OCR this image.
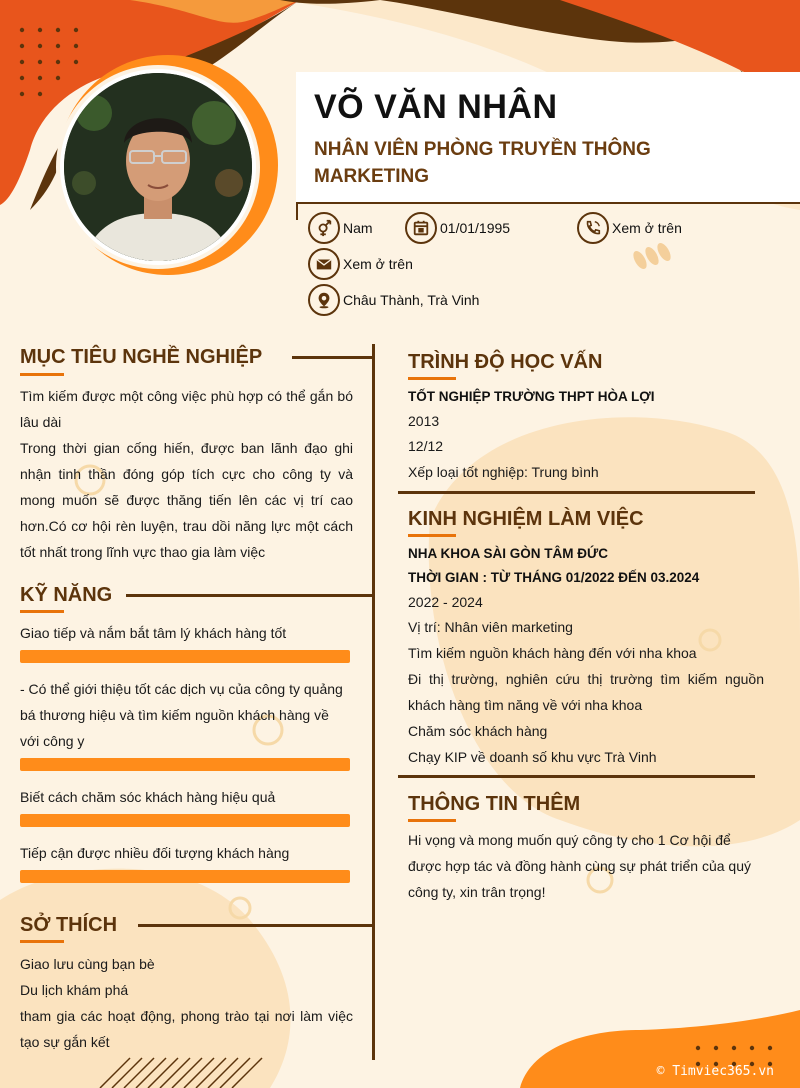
VÕ VĂN NHÂN
NHÂN VIÊN PHÒNG TRUYỀN THÔNG MARKETING
Nam	01/01/1995	Xem ở trên
Xem ở trên
Châu Thành, Trà Vinh
MỤC TIÊU NGHỀ NGHIỆP

Tìm kiếm được một công việc phù hợp có thể gắn bó lâu dài

Trong thời gian cống hiến, được ban lãnh đạo ghi nhận tinh thần đóng góp tích cực cho công ty và mong muốn sẽ được thăng tiến lên các vị trí cao hơn.Có cơ hội rèn luyện, trau dồi năng lực một cách tốt nhất trong lĩnh vực thao gia làm việc

KỸ NĂNG
Giao tiếp và nắm bắt tâm lý khách hàng tốt
- Có thể giới thiệu tốt các dịch vụ của công ty quảng bá thương hiệu và tìm kiếm nguồn khách hàng về với công y
Biết cách chăm sóc khách hàng hiệu quả
Tiếp cận được nhiều đối tượng khách hàng
SỞ THÍCH

Giao lưu cùng bạn bè

Du lịch khám phá

tham gia các hoạt động, phong trào tại nơi làm việc tạo sự gắn kết

TRÌNH ĐỘ HỌC VẤN
TỐT NGHIỆP TRƯỜNG THPT HÒA LỢI
2013
12/12
Xếp loại tốt nghiệp: Trung bình
KINH NGHIỆM LÀM VIỆC
NHA KHOA SÀI GÒN TÂM ĐỨC
THỜI GIAN : TỪ THÁNG 01/2022 ĐẾN 03.2024
2022 - 2024

Vị trí: Nhân viên marketing

Tìm kiếm nguồn khách hàng đến với nha khoa

Đi thị trường, nghiên cứu thị trường tìm kiếm nguồn khách hàng tìm năng về với nha khoa

Chăm sóc khách hàng

Chạy KIP về doanh số khu vực Trà Vinh

THÔNG TIN THÊM
Hi vọng và mong muốn quý công ty cho 1 Cơ hội để được hợp tác và đồng hành cùng sự phát triển của quý công ty, xin trân trọng!
© Timviec365.vn
